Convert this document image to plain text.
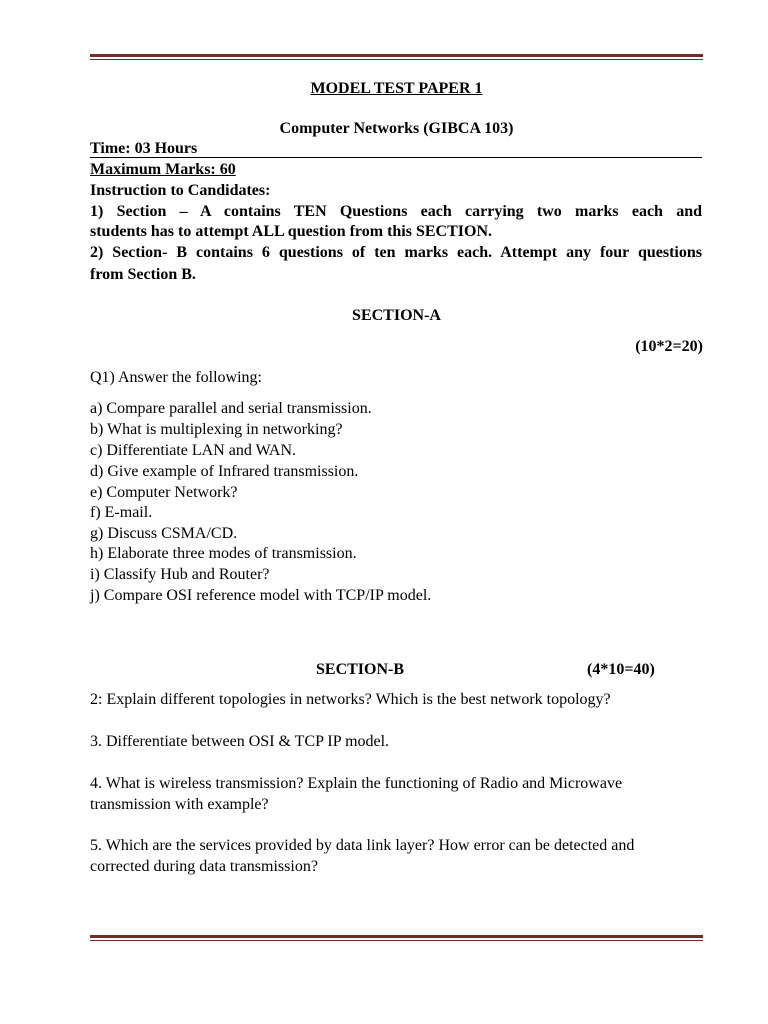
MODEL TEST PAPER 1
Computer Networks (GIBCA 103)
Time: 03 Hours
Maximum Marks: 60
Instruction to Candidates:
1) Section – A contains TEN Questions each carrying two marks each and
students has to attempt ALL question from this SECTION.
2) Section- B contains 6 questions of ten marks each. Attempt any four questions
from Section B.
SECTION-A
(10*2=20)
Q1) Answer the following:
a) Compare parallel and serial transmission.
b) What is multiplexing in networking?
c) Differentiate LAN and WAN.
d) Give example of Infrared transmission.
e) Computer Network?
f) E-mail.
g) Discuss CSMA/CD.
h) Elaborate three modes of transmission.
i) Classify Hub and Router?
j) Compare OSI reference model with TCP/IP model.
SECTION-B	(4*10=40)
2: Explain different topologies in networks? Which is the best network topology?
3. Differentiate between OSI & TCP IP model.
4. What is wireless transmission? Explain the functioning of Radio and Microwave
transmission with example?
5. Which are the services provided by data link layer? How error can be detected and
corrected during data transmission?
